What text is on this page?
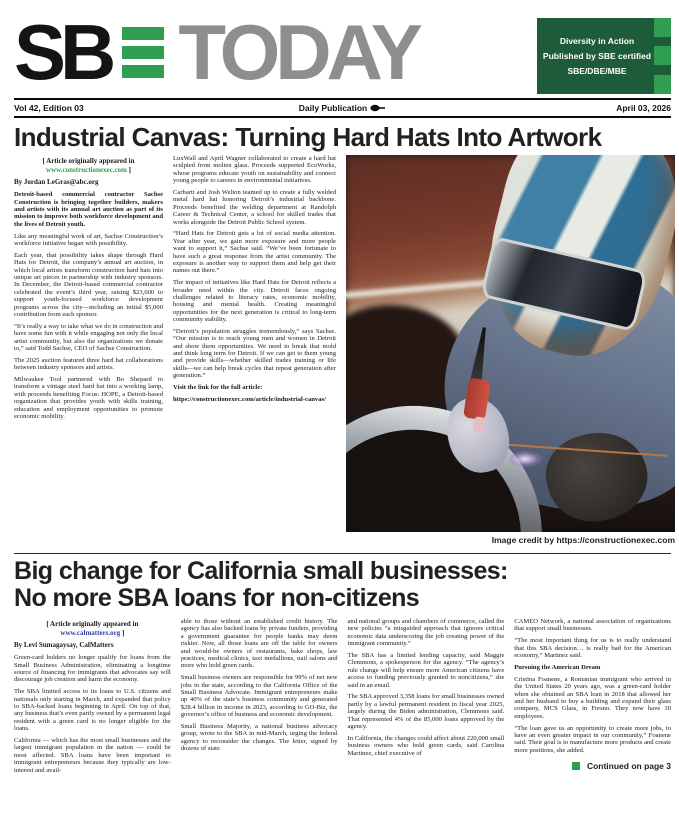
SB TODAY	Diversity in Action
Published by SBE certified
SBE/DBE/MBE
Vol 42, Edition 03	Daily Publication	April 03, 2026
Industrial Canvas: Turning Hard Hats Into Artwork

[ Article originally appeared in
www.constructionexec.com ]

By Jordan LeGras@abc.org

Detroit-based commercial contractor Sachse Construction is bringing together builders, makers and artists with its annual art auction as part of its mission to improve both workforce development and the lives of Detroit youth.

Like any meaningful work of art, Sachse Construction’s workforce initiative began with possibility.

Each year, that possibility takes shape through Hard Hats for Detroit, the company’s annual art auction, in which local artists transform construction hard hats into unique art pieces in partnership with industry sponsors. In December, the Detroit-based commercial contractor celebrated the event’s third year, raising $23,600 to support youth-focused workforce development programs across the city—including an initial $5,000 contribution from each sponsor.

“It’s really a way to take what we do in construction and have some fun with it while engaging not only the local artist community, but also the organizations we donate to,” said Todd Sachse, CEO of Sachse Construction.

The 2025 auction featured three hard hat collaborations between industry sponsors and artists.

Milwaukee Tool partnered with Bo Shepard to transform a vintage steel hard hat into a working lamp, with proceeds benefiting Focus: HOPE, a Detroit-based organization that provides youth with skills training, education and employment opportunities to promote economic mobility.

LuxWall and April Wagner collaborated to create a hard hat sculpted from molten glass. Proceeds supported EcoWorks, whose programs educate youth on sustainability and connect young people to careers in environmental initiatives.

Carhartt and Josh Welton teamed up to create a fully welded metal hard hat honoring Detroit’s industrial backbone. Proceeds benefited the welding department at Randolph Career & Technical Center, a school for skilled trades that works alongside the Detroit Public School system.

“Hard Hats for Detroit gets a lot of social media attention. Year after year, we gain more exposure and more people want to support it,” Sachse said. “We’ve been fortunate to have such a great response from the artist community. The exposure is another way to support them and help get their names out there.”

The impact of initiatives like Hard Hats for Detroit reflects a broader need within the city. Detroit faces ongoing challenges related to literacy rates, economic mobility, housing and mental health. Creating meaningful opportunities for the next generation is critical to long-term community stability.

“Detroit’s population struggles tremendously,” says Sachse. “Our mission is to reach young men and women in Detroit and show them opportunities. We need to break that mold and think long term for Detroit. If we can get to them young and provide skills—whether skilled trades training or life skills—we can help break cycles that repeat generation after generation.”

Visit the link for the full article:

https://constructionexec.com/article/industrial-canvas/

Image credit by https://constructionexec.com
Big change for California small businesses:
No more SBA loans for non-citizens

[ Article originally appeared in
www.calmatters.org ]

By Levi Sumagaysay, CalMatters

Green-card holders no longer qualify for loans from the Small Business Administration, eliminating a longtime source of financing for immigrants that advocates say will discourage job creation and harm the economy.

The SBA limited access to its loans to U.S. citizens and nationals only starting in March, and expanded that policy to SBA-backed loans beginning in April. On top of that, any business that’s even partly owned by a permanent legal resident with a green card is no longer eligible for the loans.

California — which has the most small businesses and the largest immigrant population in the nation — could be most affected. SBA loans have been important to immigrant entrepreneurs because they typically are low-interest and avail-

able to those without an established credit history. The agency has also backed loans by private funders, providing a government guarantee for people banks may deem riskier. Now, all those loans are off the table for owners and would-be owners of restaurants, bake shops, law practices, medical clinics, taxi medallions, nail salons and more who hold green cards.

Small business owners are responsible for 99% of net new jobs in the state, according to the California Office of the Small Business Advocate. Immigrant entrepreneurs make up 40% of the state’s business community and generated $28.4 billion in income in 2023, according to GO-Biz, the governor’s office of business and economic development.

Small Business Majority, a national business advocacy group, wrote to the SBA in mid-March, urging the federal agency to reconsider the changes. The letter, signed by dozens of state

and national groups and chambers of commerce, called the new policies “a misguided approach that ignores critical economic data underscoring the job creating power of the immigrant community.”

The SBA has a limited lending capacity, said Maggie Clemmons, a spokesperson for the agency. “The agency’s rule change will help ensure more American citizens have access to funding previously granted to noncitizens,” she said in an email.

The SBA approved 3,358 loans for small businesses owned partly by a lawful permanent resident in fiscal year 2025, largely during the Biden administration, Clemmons said. That represented 4% of the 85,000 loans approved by the agency.

In California, the changes could affect about 220,000 small business owners who hold green cards, said Carolina Martinez, chief executive of

CAMEO Network, a national association of organizations that support small businesses.

“The most important thing for us is to really understand that this SBA decision… is really bad for the American economy,” Martinez said.

Pursuing the American Dream

Cristina Foanene, a Romanian immigrant who arrived in the United States 20 years ago, was a green-card holder when she obtained an SBA loan in 2018 that allowed her and her husband to buy a building and expand their glass company, MCS Glass, in Fresno. They now have 30 employees.

“The loan gave us an opportunity to create more jobs, to have an even greater impact in our community,” Foanene said. Their goal is to manufacture more products and create more positions, she added.

Continued on page 3
